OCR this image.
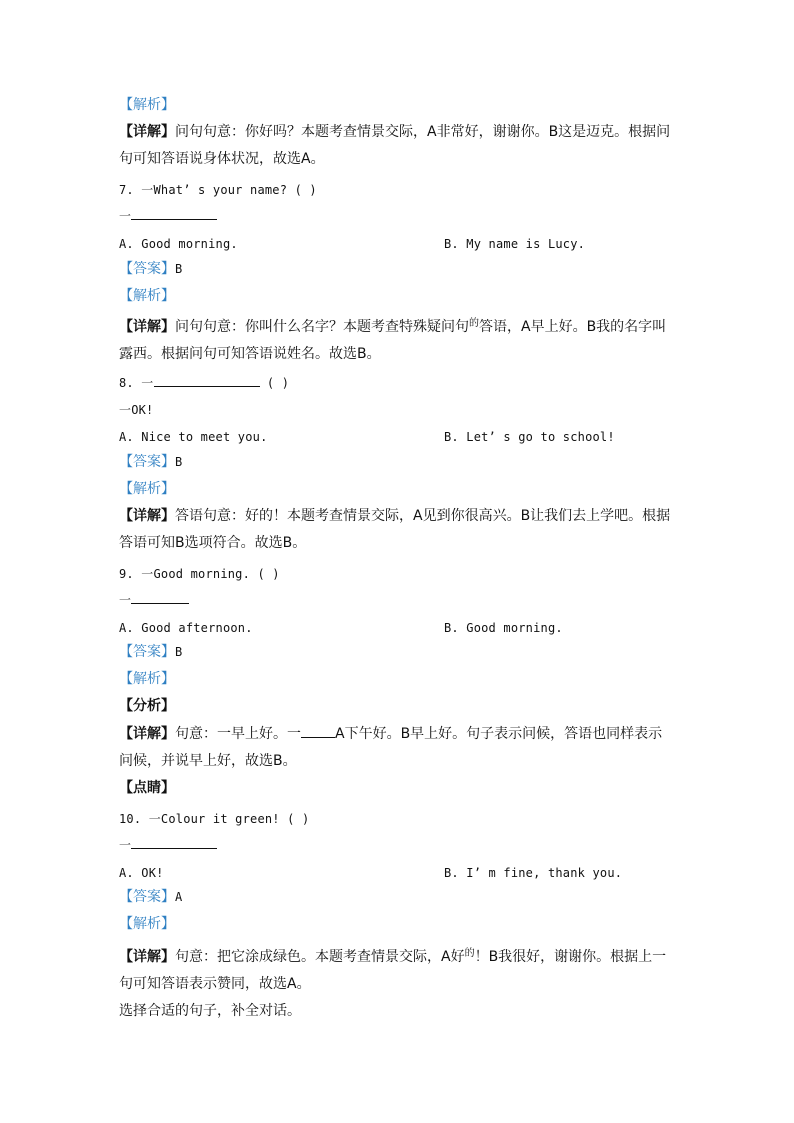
【解析】
【详解】问句句意：你好吗？本题考查情景交际，A非常好，谢谢你。B这是迈克。根据问
句可知答语说身体状况，故选A。
7. 一What’ s your name? ( )
一
A. Good morning.	B. My name is Lucy.
【答案】B
【解析】
【详解】问句句意：你叫什么名字？本题考查特殊疑问句$^的$答语，A早上好。B我的名字叫
露西。根据问句可知答语说姓名。故选B。
8. 一	( )
一OK!
A. Nice to meet you.	B. Let’ s go to school!
【答案】B
【解析】
【详解】答语句意：好的！本题考查情景交际，A见到你很高兴。B让我们去上学吧。根据
答语可知B选项符合。故选B。
9. 一Good morning. ( )
一
A. Good afternoon.	B. Good morning.
【答案】B
【解析】
【分析】
【详解】句意：一早上好。一 A下午好。B早上好。句子表示问候，答语也同样表示
问候，并说早上好，故选B。
【点睛】
10. 一Colour it green! ( )
一
A. OK!	B. I’ m fine, thank you.
【答案】A
【解析】
【详解】句意：把它涂成绿色。本题考查情景交际，A好$^的$！B我很好，谢谢你。根据上一
句可知答语表示赞同，故选A。
选择合适的句子，补全对话。
